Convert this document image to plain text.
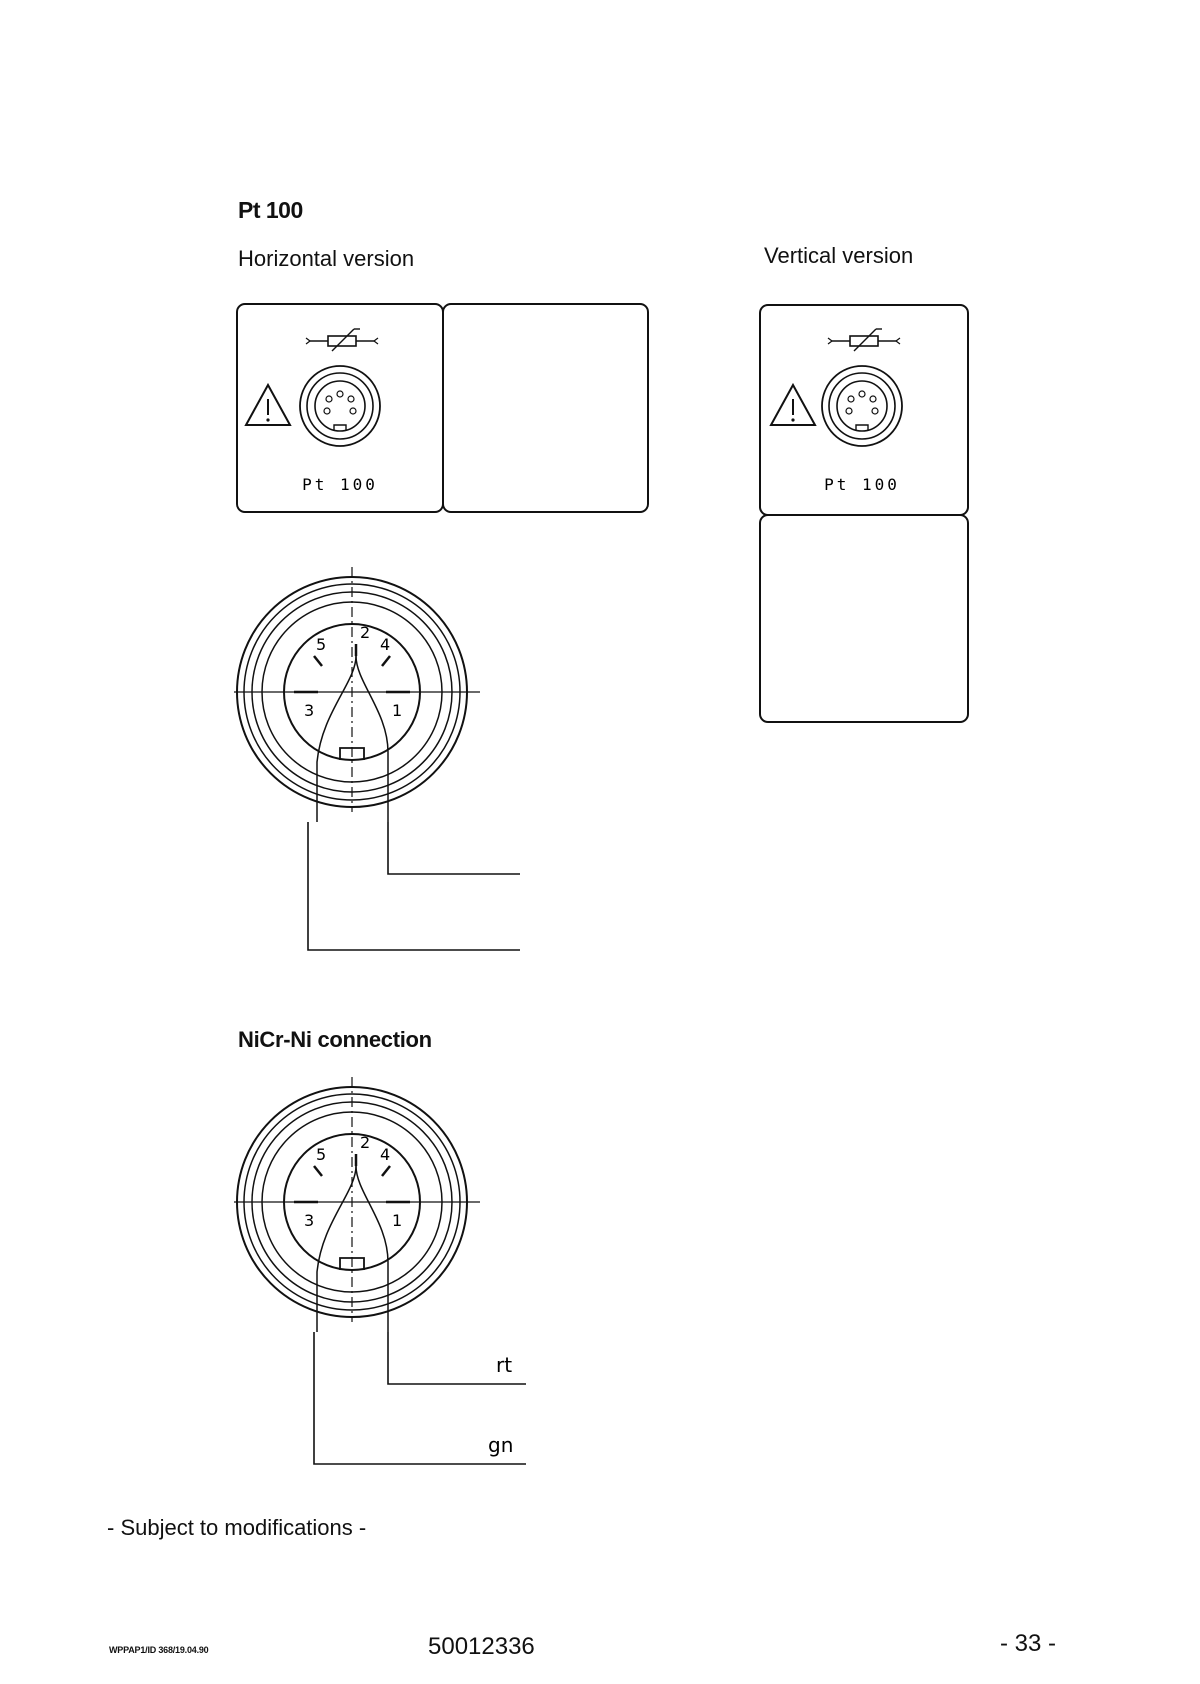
Pt 100
Horizontal version	Vertical version
NiCr-Ni connection
- Subject to modifications -
WPPAP1/ID 368/19.04.90	50012336	- 33 -
Pt 100	Pt 100
2
5	4
3	1
2
5	4
3	1
rt
gn
